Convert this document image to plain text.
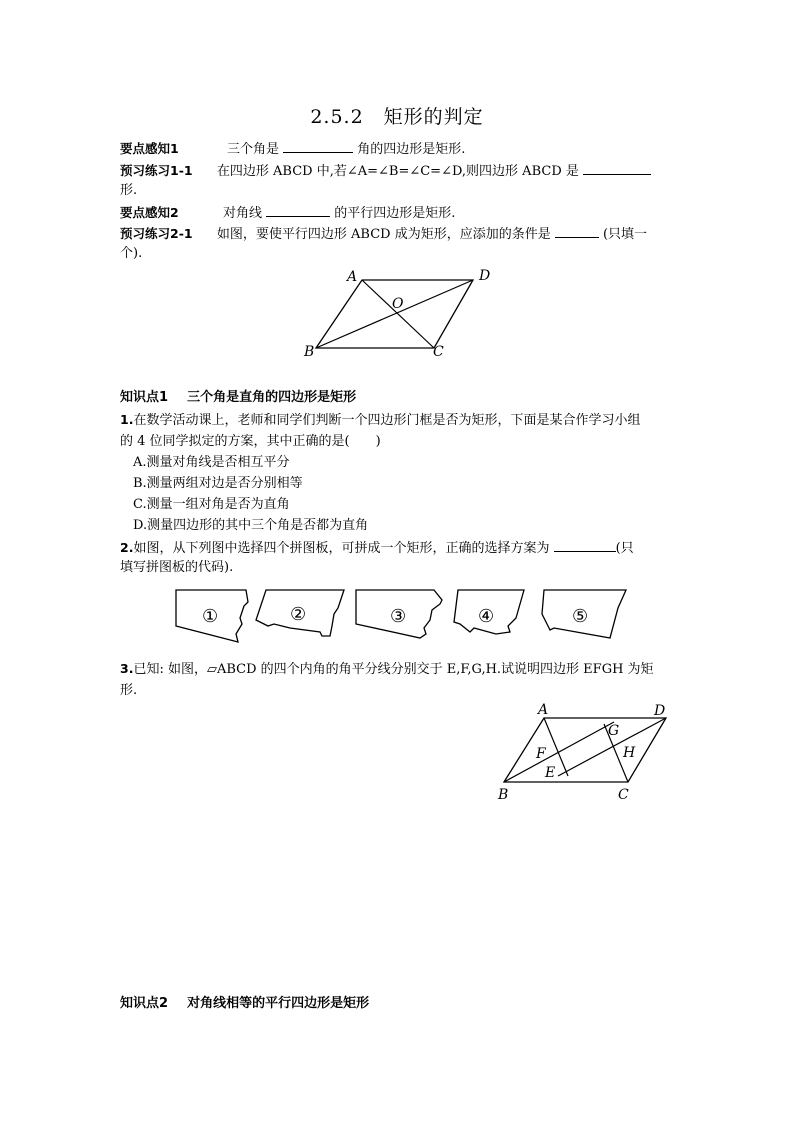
2.5.2　矩形的判定
要点感知1	三个角是	角的四边形是矩形.
预习练习1-1 在四边形 ABCD 中,若∠A=∠B=∠C=∠D,则四边形 ABCD 是
形.
要点感知2	对角线	的平行四边形是矩形.
预习练习2-1 如图，要使平行四边形 ABCD 成为矩形，应添加的条件是	(只填一
个).
A	D
B	C
O
知识点1 三个角是直角的四边形是矩形
1.在数学活动课上，老师和同学们判断一个四边形门框是否为矩形，下面是某合作学习小组
的 4 位同学拟定的方案，其中正确的是(　　)
A.测量对角线是否相互平分
B.测量两组对边是否分别相等
C.测量一组对角是否为直角
D.测量四边形的其中三个角是否都为直角
2.如图，从下列图中选择四个拼图板，可拼成一个矩形，正确的选择方案为	(只
填写拼图板的代码).
①	②	③	④	⑤
3.已知: 如图，▱ABCD 的四个内角的角平分线分别交于 E,F,G,H.试说明四边形 EFGH 为矩
形.
A	D
B	C
G
F	H
E
知识点2 对角线相等的平行四边形是矩形
